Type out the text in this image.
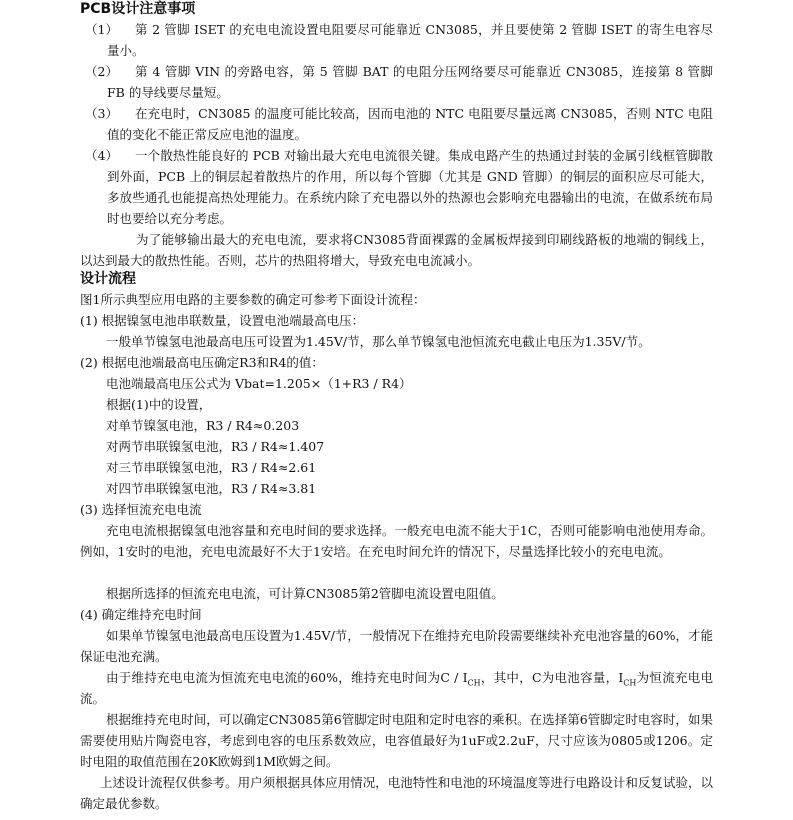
PCB设计注意事项
（1）	第 2 管脚 ISET 的充电电流设置电阻要尽可能靠近 CN3085，并且要使第 2 管脚 ISET 的寄生电容尽量小。
（2）	第 4 管脚 VIN 的旁路电容，第 5 管脚 BAT 的电阻分压网络要尽可能靠近 CN3085，连接第 8 管脚 FB 的导线要尽量短。
（3）	在充电时，CN3085 的温度可能比较高，因而电池的 NTC 电阻要尽量远离 CN3085，否则 NTC 电阻值的变化不能正常反应电池的温度。
（4）	一个散热性能良好的 PCB 对输出最大充电电流很关键。集成电路产生的热通过封装的金属引线框管脚散到外面，PCB 上的铜层起着散热片的作用，所以每个管脚（尤其是 GND 管脚）的铜层的面积应尽可能大，多放些通孔也能提高热处理能力。在系统内除了充电器以外的热源也会影响充电器输出的电流，在做系统布局时也要给以充分考虑。
为了能够输出最大的充电电流，要求将CN3085背面裸露的金属板焊接到印刷线路板的地端的铜线上，以达到最大的散热性能。否则，芯片的热阻将增大，导致充电电流减小。
设计流程
图1所示典型应用电路的主要参数的确定可参考下面设计流程：
(1) 根据镍氢电池串联数量，设置电池端最高电压：
一般单节镍氢电池最高电压可设置为1.45V/节，那么单节镍氢电池恒流充电截止电压为1.35V/节。
(2) 根据电池端最高电压确定R3和R4的值：
电池端最高电压公式为 Vbat=1.205×（1+R3 / R4）
根据(1)中的设置，
对单节镍氢电池，R3 / R4≈0.203
对两节串联镍氢电池，R3 / R4≈1.407
对三节串联镍氢电池，R3 / R4≈2.61
对四节串联镍氢电池，R3 / R4≈3.81
(3) 选择恒流充电电流
充电电流根据镍氢电池容量和充电时间的要求选择。一般充电电流不能大于1C，否则可能影响电池使用寿命。例如，1安时的电池，充电电流最好不大于1安培。在充电时间允许的情况下，尽量选择比较小的充电电流。
根据所选择的恒流充电电流，可计算CN3085第2管脚电流设置电阻值。
(4) 确定维持充电时间
如果单节镍氢电池最高电压设置为1.45V/节，一般情况下在维持充电阶段需要继续补充电池容量的60%，才能保证电池充满。
由于维持充电电流为恒流充电电流的60%，维持充电时间为C / $I_{CH}$，其中，C为电池容量，$I_{CH}$为恒流充电电流。
根据维持充电时间，可以确定CN3085第6管脚定时电阻和定时电容的乘积。在选择第6管脚定时电容时，如果需要使用贴片陶瓷电容，考虑到电容的电压系数效应，电容值最好为1uF或2.2uF，尺寸应该为0805或1206。定时电阻的取值范围在20K欧姆到1M欧姆之间。
上述设计流程仅供参考。用户须根据具体应用情况，电池特性和电池的环境温度等进行电路设计和反复试验，以确定最优参数。
